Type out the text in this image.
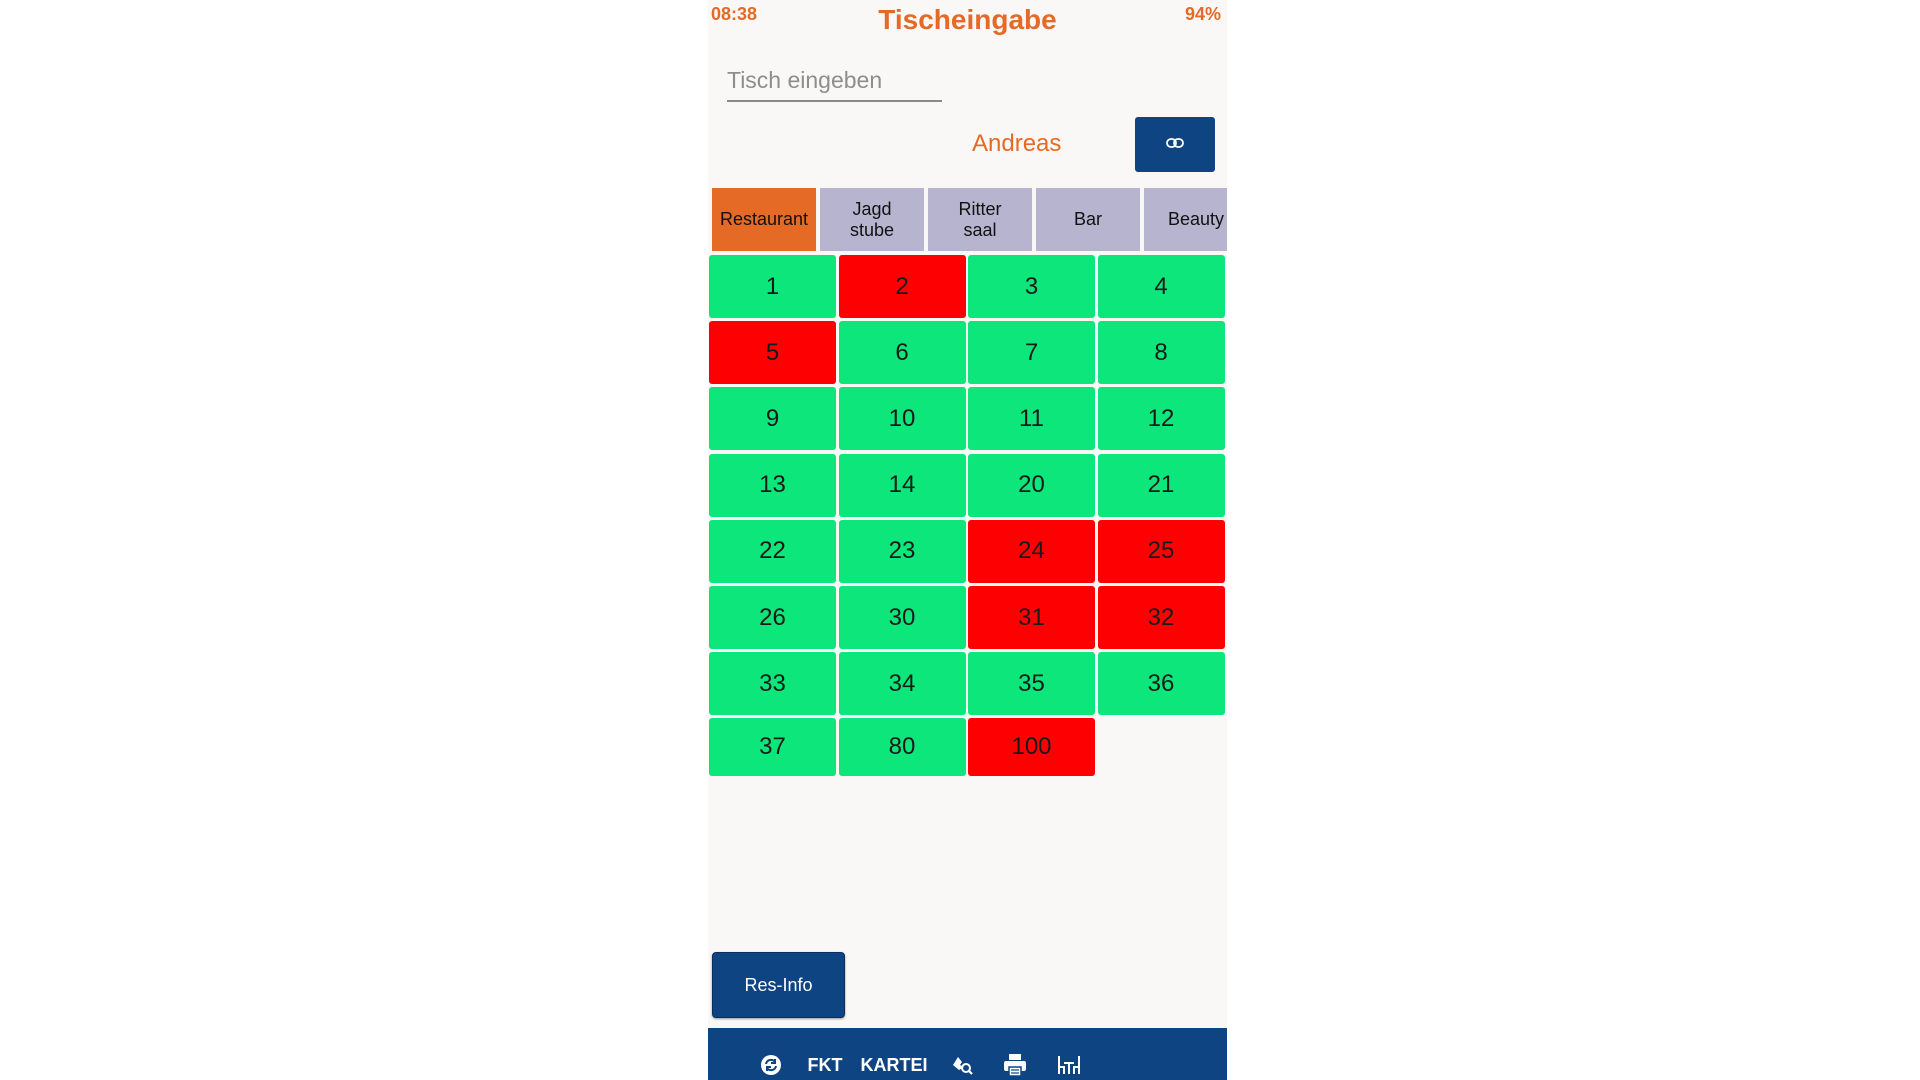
08:38	Tischeingabe	94%
Tisch eingeben
Andreas
Restaurant
Jagd
stube
Ritter
saal
Bar	Beauty
1	2	3	4
5	6	7	8
9	10	11	12
13	14	20	21
22	23	24	25
26	30	31	32
33	34	35	36
37	80	100
Res-Info
FKT	KARTEI
